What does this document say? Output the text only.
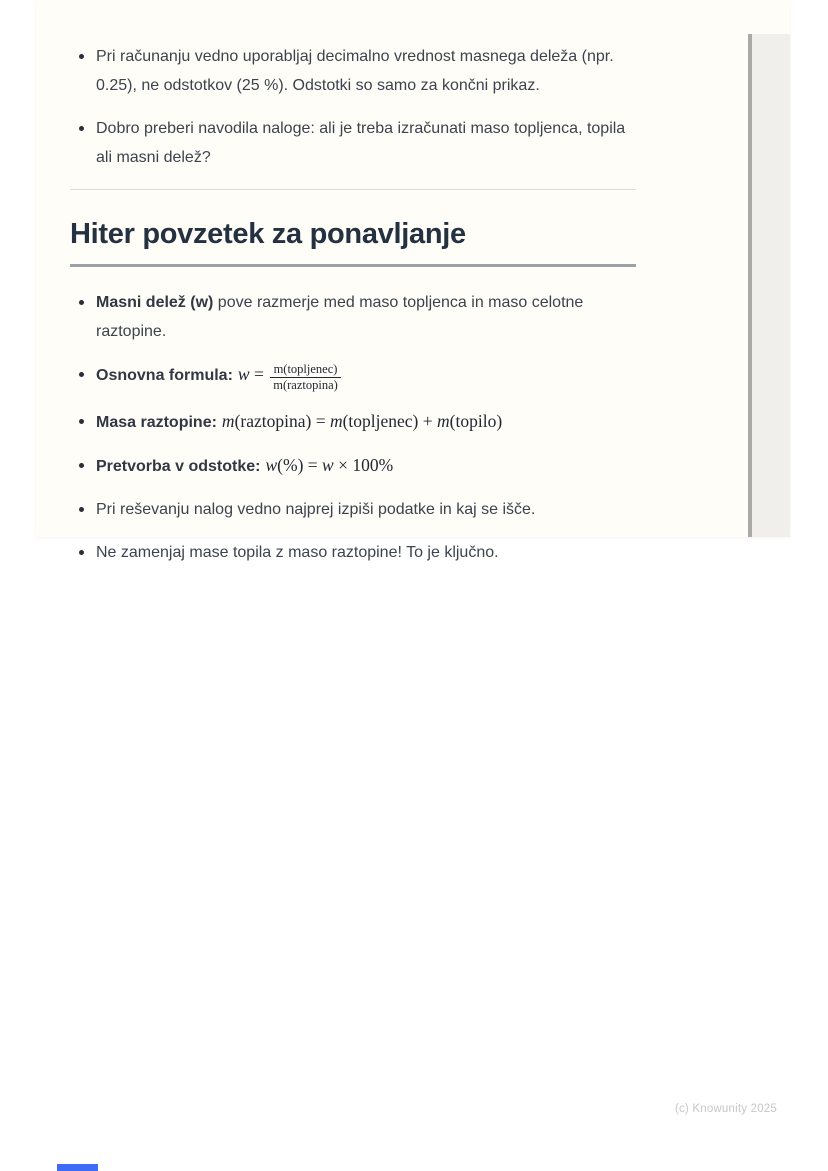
Pri računanju vedno uporabljaj decimalno vrednost masnega deleža (npr. 0.25), ne odstotkov (25 %). Odstotki so samo za končni prikaz.
Dobro preberi navodila naloge: ali je treba izračunati maso topljenca, topila ali masni delež?
Hiter povzetek za ponavljanje
Masni delež (w) pove razmerje med maso topljenca in maso celotne raztopine.
Osnovna formula: $w = \frac{\text{m(topljenec)}}{\text{m(raztopina)}}$
Masa raztopine: m(raztopina) = m(topljenec) + m(topilo)
Pretvorba v odstotke: w(%) = w × 100%
Pri reševanju nalog vedno najprej izpiši podatke in kaj se išče.
Ne zamenjaj mase topila z maso raztopine! To je ključno.
(c) Knowunity 2025
